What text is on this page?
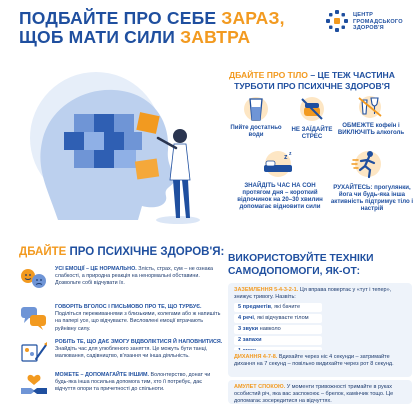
ПОДБАЙТЕ ПРО СЕБЕ ЗАРАЗ,
ЩОБ МАТИ СИЛИ ЗАВТРА
ЦЕНТР ГРОМАДСЬКОГО ЗДОРОВ'Я
ДБАЙТЕ ПРО ТІЛО – ЦЕ ТЕЖ ЧАСТИНА ТУРБОТИ ПРО ПСИХІЧНЕ ЗДОРОВ'Я
Пийте достатньо води
НЕ ЗАЇДАЙТЕ СТРЕС
ОБМЕЖТЕ кофеїн і ВИКЛЮЧІТЬ алкоголь
z z
ЗНАЙДІТЬ ЧАС НА СОН протягом дня – короткий відпочинок на 20–30 хвилин допомагає відновити сили
РУХАЙТЕСЬ: прогулянки, йога чи будь-яка інша активність підтримує тіло і настрій
ДБАЙТЕ ПРО ПСИХІЧНЕ ЗДОРОВ'Я:
УСІ ЕМОЦІЇ – ЦЕ НОРМАЛЬНО. Злість, страх, сум – не ознака слабкості, а природна реакція на ненормальні обставини. Дозвольте собі відчувати їх.
ГОВОРІТЬ ВГОЛОС І ПИСЬМОВО ПРО ТЕ, ЩО ТУРБУЄ. Поділіться переживаннями з близькими, колегами або ж напишіть на папері усе, що відчуваєте. Висловлені емоції втрачають руйнівну силу.
РОБІТЬ ТЕ, ЩО ДАЄ ЗМОГУ ВІДВОЛІКТИСЯ Й НАПОВНИТИСЯ. Знайдіть час для улюбленого заняття. Це можуть бути танці, малювання, садівництво, в'язання чи інша діяльність.
МОЖЕТЕ – ДОПОМАГАЙТЕ ІНШИМ. Волонтерство, донат чи будь-яка інша посильна допомога тим, хто її потребує, дає відчуття опори та причетності до спільноти.
ВИКОРИСТОВУЙТЕ ТЕХНІКИ САМОДОПОМОГИ, ЯК-ОТ:
ЗАЗЕМЛЕННЯ 5-4-3-2-1. Ця вправа повертає у «тут і тепер», знижує тривогу. Назвіть:
5 предметів, які бачите
4 речі, які відчуваєте тілом
3 звуки навколо
2 запахи
ДИХАННЯ 4-7-8. Вдихайте через ніс 4 секунди – затримайте дихання на 7 секунд – повільно видихайте через рот 8 секунд.
АМУЛЕТ СПОКОЮ. У моменти тривожності тримайте в руках особистий річ, яка вас заспокоює – брелок, камінчик тощо. Це допомагає зосередитися на відчуттях.
